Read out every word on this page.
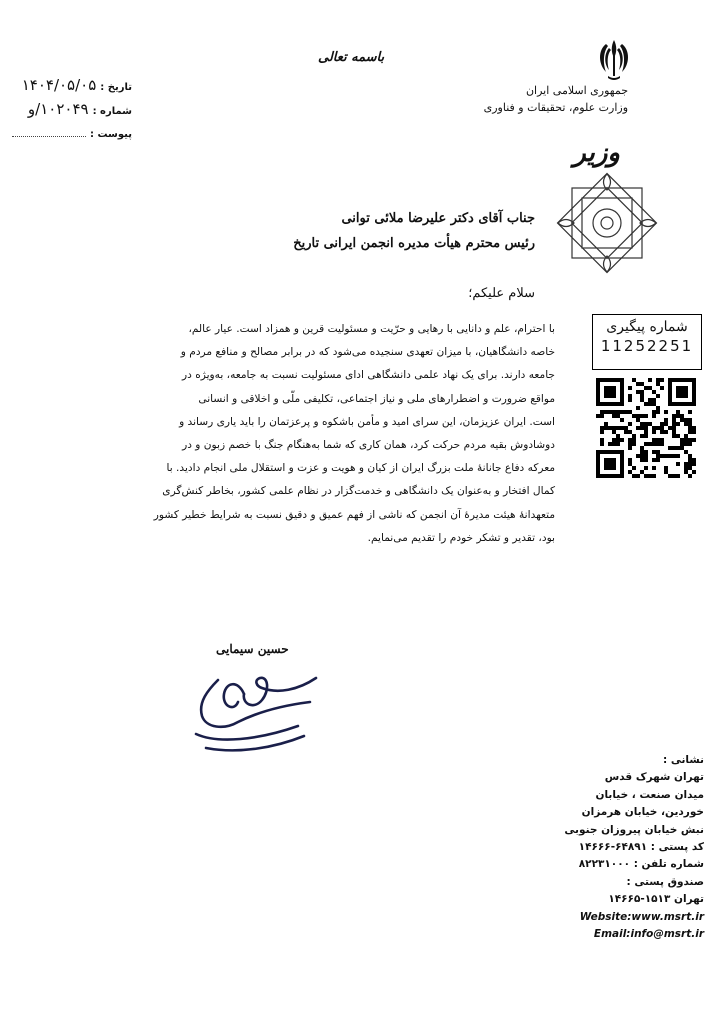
جمهوری اسلامی ایران
وزارت علوم، تحقیقات و فناوری
وزیر
باسمه تعالی
تاریخ :
۱۴۰۴/۰۵/۰۵
شماره :
۱۰۲۰۴۹/و
پیوست :
جناب آقای دکتر علیرضا ملائی توانی
رئیس محترم هیأت مدیره انجمن ایرانی تاریخ
سلام علیکم؛

با احترام، علم و دانایی با رهایی و حرّیت و مسئولیت قرین و همزاد است. عیار عالم،

خاصه دانشگاهیان، با میزان تعهدی سنجیده می‌شود که در برابر مصالح و منافع مردم و

جامعه دارند. برای یک نهاد علمی دانشگاهی ادای مسئولیت نسبت به جامعه، به‌ویژه در

مواقع ضرورت و اضطرارهای ملی و نیاز اجتماعی، تکلیفی ملّی و اخلاقی و انسانی

است. ایران عزیزمان، این سرای امید و مأمن باشکوه و پرعزتمان را باید یاری رساند و

دوشادوش بقیه مردم حرکت کرد، همان کاری که شما به‌هنگام جنگ با خصم زبون و در

معرکه دفاع جانانهٔ ملت بزرگ ایران از کیان و هویت و عزت و استقلال ملی انجام دادید. با

کمال افتخار و به‌عنوان یک دانشگاهی و خدمت‌گزار در نظام علمی کشور، بخاطر کنش‌گری

متعهدانهٔ هیئت مدیرهٔ آن انجمن که ناشی از فهم عمیق و دقیق نسبت به شرایط خطیر کشور

بود، تقدیر و تشکر خودم را تقدیم می‌نمایم.

شماره پیگیری
11252251
حسین سیمایی
نشانی :
تهران شهرک قدس
میدان صنعت ، خیابان
خوردین، خیابان هرمزان
نبش خیابان پیروزان جنوبی
کد پستی : ۶۴۸۹۱-۱۴۶۶۶
شماره تلفن : ۸۲۲۳۱۰۰۰
صندوق پستی :
تهران ۱۵۱۳-۱۴۶۶۵
Website:www.msrt.ir
Email:info@msrt.ir
